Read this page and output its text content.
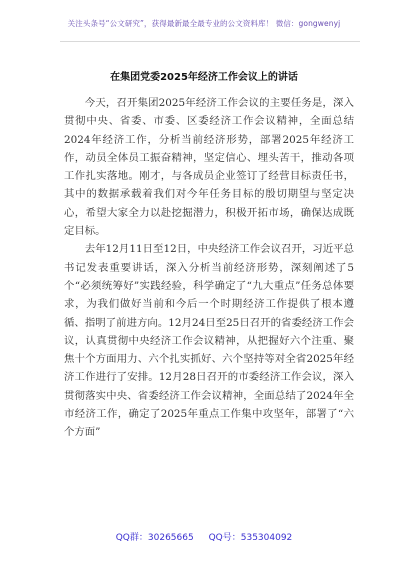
关注头条号“公文研究”，获得最新最全最专业的公文资料库！ 微信：gongwenyj
在集团党委2025年经济工作会议上的讲话

今天，召开集团2025年经济工作会议的主要任务是，深入贯彻中央、省委、市委、区委经济工作会议精神，全面总结2024年经济工作，分析当前经济形势，部署2025年经济工作，动员全体员工振奋精神，坚定信心、埋头苦干，推动各项工作扎实落地。刚才，与各成员企业签订了经营目标责任书，其中的数据承载着我们对今年任务目标的殷切期望与坚定决心，希望大家全力以赴挖掘潜力，积极开拓市场，确保达成既定目标。

去年12月11日至12日，中央经济工作会议召开，习近平总书记发表重要讲话，深入分析当前经济形势，深刻阐述了5个“必须统筹好”实践经验，科学确定了“九大重点”任务总体要求，为我们做好当前和今后一个时期经济工作提供了根本遵循、指明了前进方向。12月24日至25日召开的省委经济工作会议，认真贯彻中央经济工作会议精神，从把握好六个注重、聚焦十个方面用力、六个扎实抓好、六个坚持等对全省2025年经济工作进行了安排。12月28日召开的市委经济工作会议，深入贯彻落实中央、省委经济工作会议精神，全面总结了2024年全市经济工作，确定了2025年重点工作集中攻坚年，部署了“六个方面”

QQ群：30265665 QQ号：535304092
